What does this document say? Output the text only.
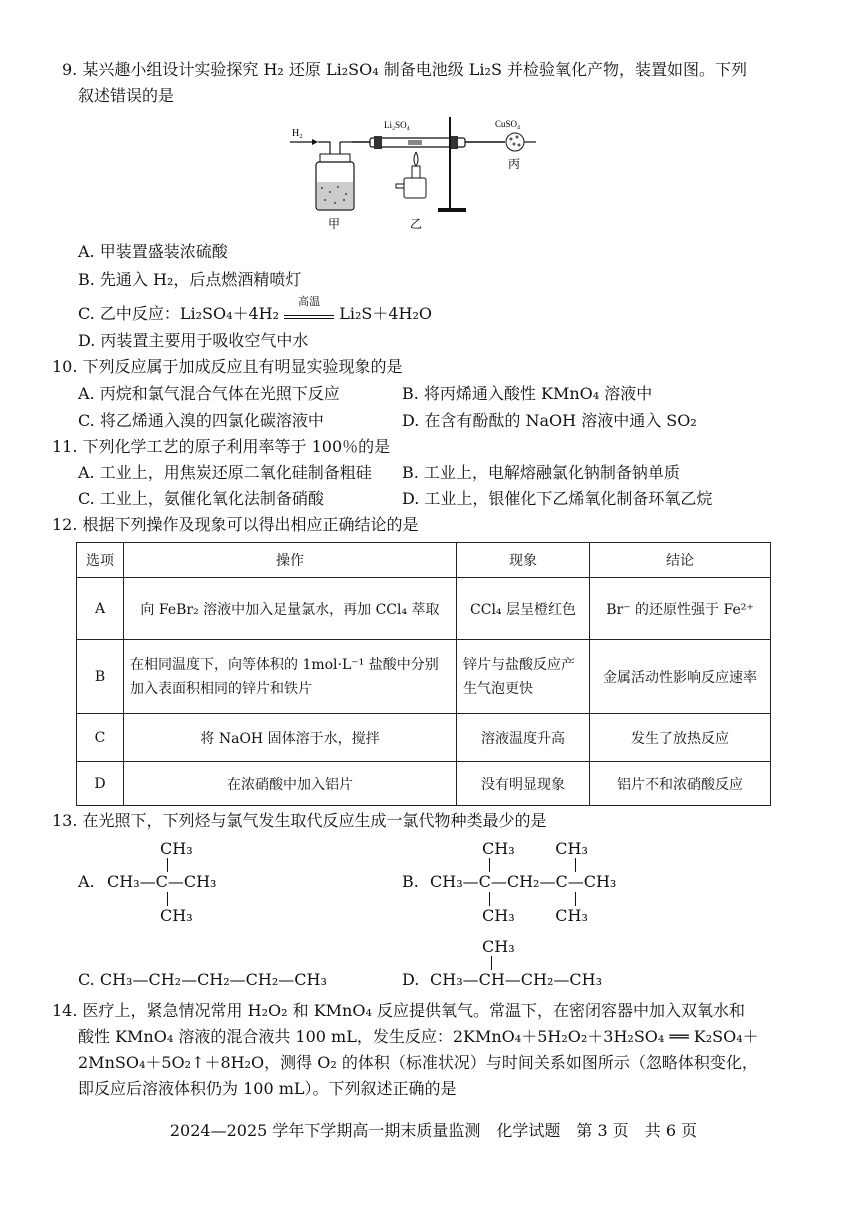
9. 某兴趣小组设计实验探究 H₂ 还原 Li₂SO₄ 制备电池级 Li₂S 并检验氧化产物，装置如图。下列
叙述错误的是
H₂
Li₂SO₄	CuSO₄
甲	乙
丙
A. 甲装置盛装浓硫酸
B. 先通入 H₂，后点燃酒精喷灯
C. 乙中反应：Li₂SO₄＋4H₂
高温
Li₂S＋4H₂O
D. 丙装置主要用于吸收空气中水
10. 下列反应属于加成反应且有明显实验现象的是
A. 丙烷和氯气混合气体在光照下反应	B. 将丙烯通入酸性 KMnO₄ 溶液中
C. 将乙烯通入溴的四氯化碳溶液中	D. 在含有酚酞的 NaOH 溶液中通入 SO₂
11. 下列化学工艺的原子利用率等于 100％的是
A. 工业上，用焦炭还原二氧化硅制备粗硅 B. 工业上，电解熔融氯化钠制备钠单质
C. 工业上，氨催化氧化法制备硝酸	D. 工业上，银催化下乙烯氧化制备环氧乙烷
12. 根据下列操作及现象可以得出相应正确结论的是
选项	操作	现象	结论
A	向 FeBr₂ 溶液中加入足量氯水，再加 CCl₄ 萃取	CCl₄ 层呈橙红色	Br⁻ 的还原性强于 Fe²⁺
B	在相同温度下，向等体积的 1mol·L⁻¹ 盐酸中分别加入表面积相同的锌片和铁片	锌片与盐酸反应产生气泡更快	金属活动性影响反应速率
C	将 NaOH 固体溶于水，搅拌	溶液温度升高	发生了放热反应
D	在浓硝酸中加入铝片	没有明显现象	铝片不和浓硝酸反应
13. 在光照下，下列烃与氯气发生取代反应生成一氯代物种类最少的是
A.
CH₃
CH₃—C—CH₃
CH₃
B.
CH₃        CH₃
CH₃—C—CH₂—C—CH₃
CH₃        CH₃
C. CH₃—CH₂—CH₂—CH₂—CH₃	D.
CH₃
CH₃—CH—CH₂—CH₃
14. 医疗上，紧急情况常用 H₂O₂ 和 KMnO₄ 反应提供氧气。常温下，在密闭容器中加入双氧水和
酸性 KMnO₄ 溶液的混合液共 100 mL，发生反应：2KMnO₄＋5H₂O₂＋3H₂SO₄ ══ K₂SO₄＋
2MnSO₄＋5O₂↑＋8H₂O，测得 O₂ 的体积（标准状况）与时间关系如图所示（忽略体积变化，
即反应后溶液体积仍为 100 mL）。下列叙述正确的是
2024—2025 学年下学期高一期末质量监测　化学试题　第 3 页　共 6 页
